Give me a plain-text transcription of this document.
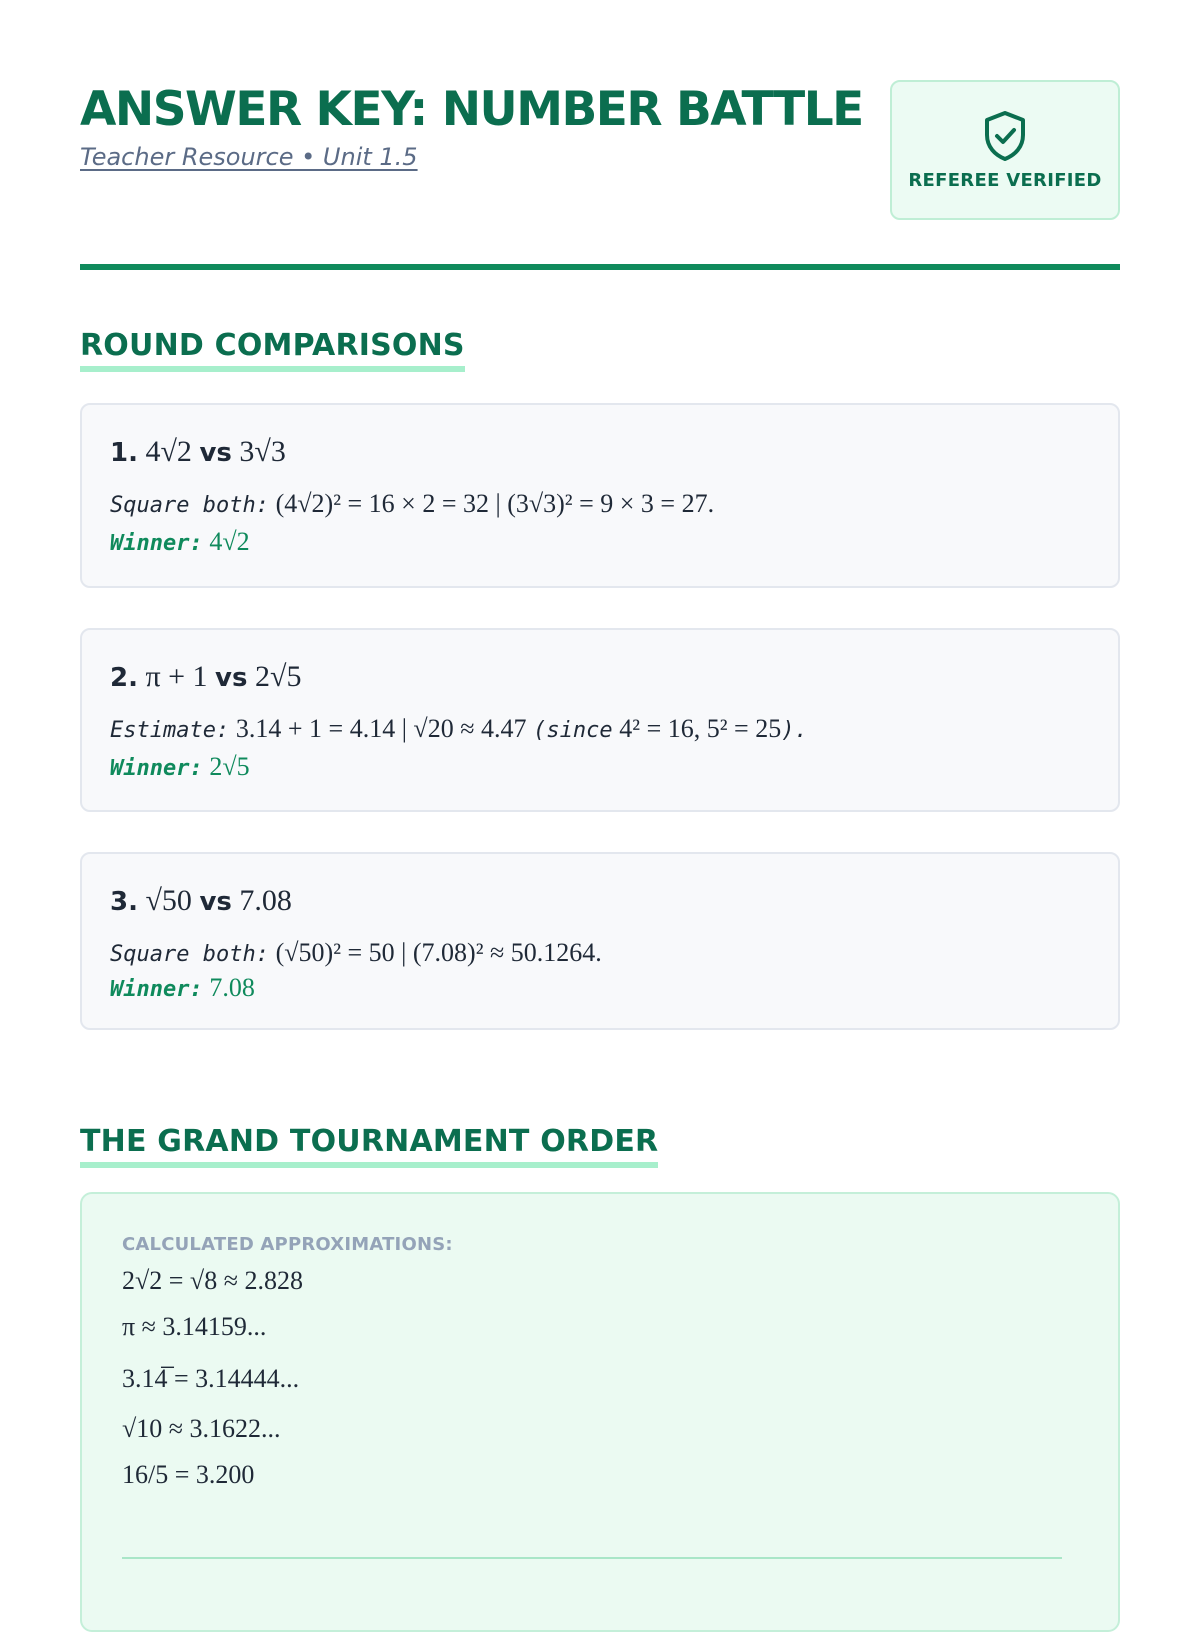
ANSWER KEY: NUMBER BATTLE
Teacher Resource • Unit 1.5
REFEREE VERIFIED
ROUND COMPARISONS
1. 4√2 vs 3√3
Square both: (4√2)² = 16 × 2 = 32 | (3√3)² = 9 × 3 = 27.
Winner: 4√2
2. π + 1 vs 2√5
Estimate: 3.14 + 1 = 4.14 | √20 ≈ 4.47 (since 4² = 16, 5² = 25).
Winner: 2√5
3. √50 vs 7.08
Square both: (√50)² = 50 | (7.08)² ≈ 50.1264.
Winner: 7.08
THE GRAND TOURNAMENT ORDER
CALCULATED APPROXIMATIONS:
2√2 = √8 ≈ 2.828
π ≈ 3.14159...
3.14̅ = 3.14444...
√10 ≈ 3.1622...
16/5 = 3.200
